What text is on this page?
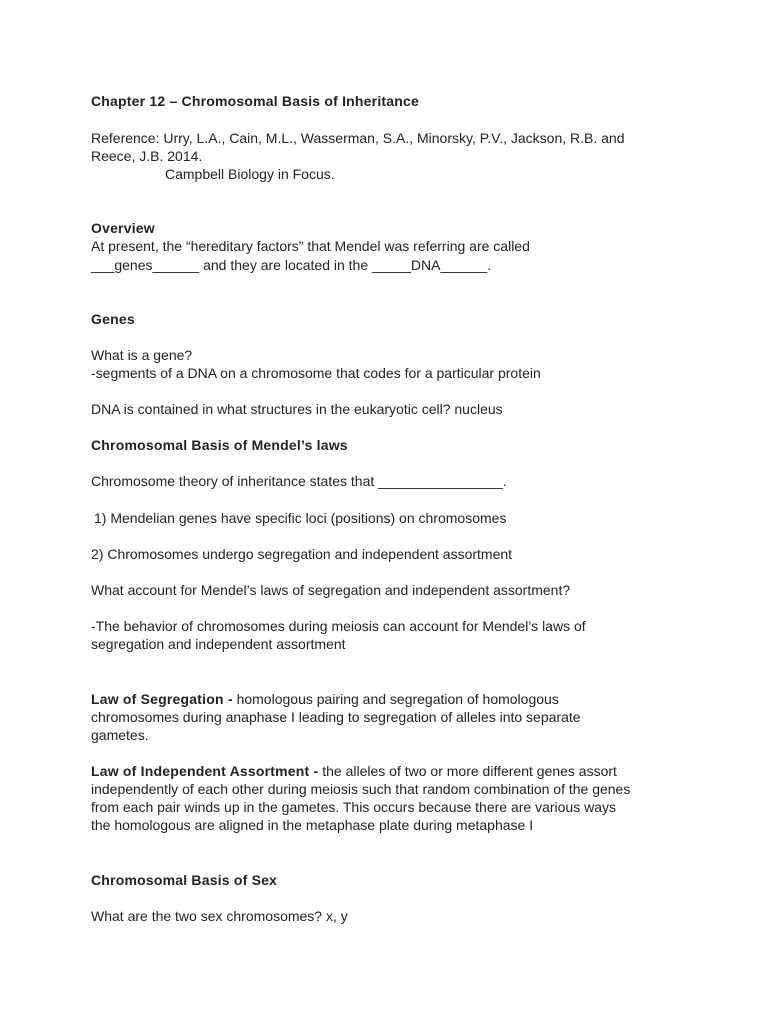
Chapter 12 – Chromosomal Basis of Inheritance
Reference: Urry, L.A., Cain, M.L., Wasserman, S.A., Minorsky, P.V., Jackson, R.B. and
Reece, J.B. 2014.
Campbell Biology in Focus.
Overview
At present, the “hereditary factors” that Mendel was referring are called
___genes______ and they are located in the _____DNA______.
Genes
What is a gene?
-segments of a DNA on a chromosome that codes for a particular protein
DNA is contained in what structures in the eukaryotic cell? nucleus
Chromosomal Basis of Mendel’s laws
Chromosome theory of inheritance states that ________________.
1) Mendelian genes have specific loci (positions) on chromosomes
2) Chromosomes undergo segregation and independent assortment
What account for Mendel’s laws of segregation and independent assortment?
-The behavior of chromosomes during meiosis can account for Mendel’s laws of
segregation and independent assortment
Law of Segregation - homologous pairing and segregation of homologous
chromosomes during anaphase I leading to segregation of alleles into separate
gametes.
Law of Independent Assortment - the alleles of two or more different genes assort
independently of each other during meiosis such that random combination of the genes
from each pair winds up in the gametes. This occurs because there are various ways
the homologous are aligned in the metaphase plate during metaphase I
Chromosomal Basis of Sex
What are the two sex chromosomes? x, y
